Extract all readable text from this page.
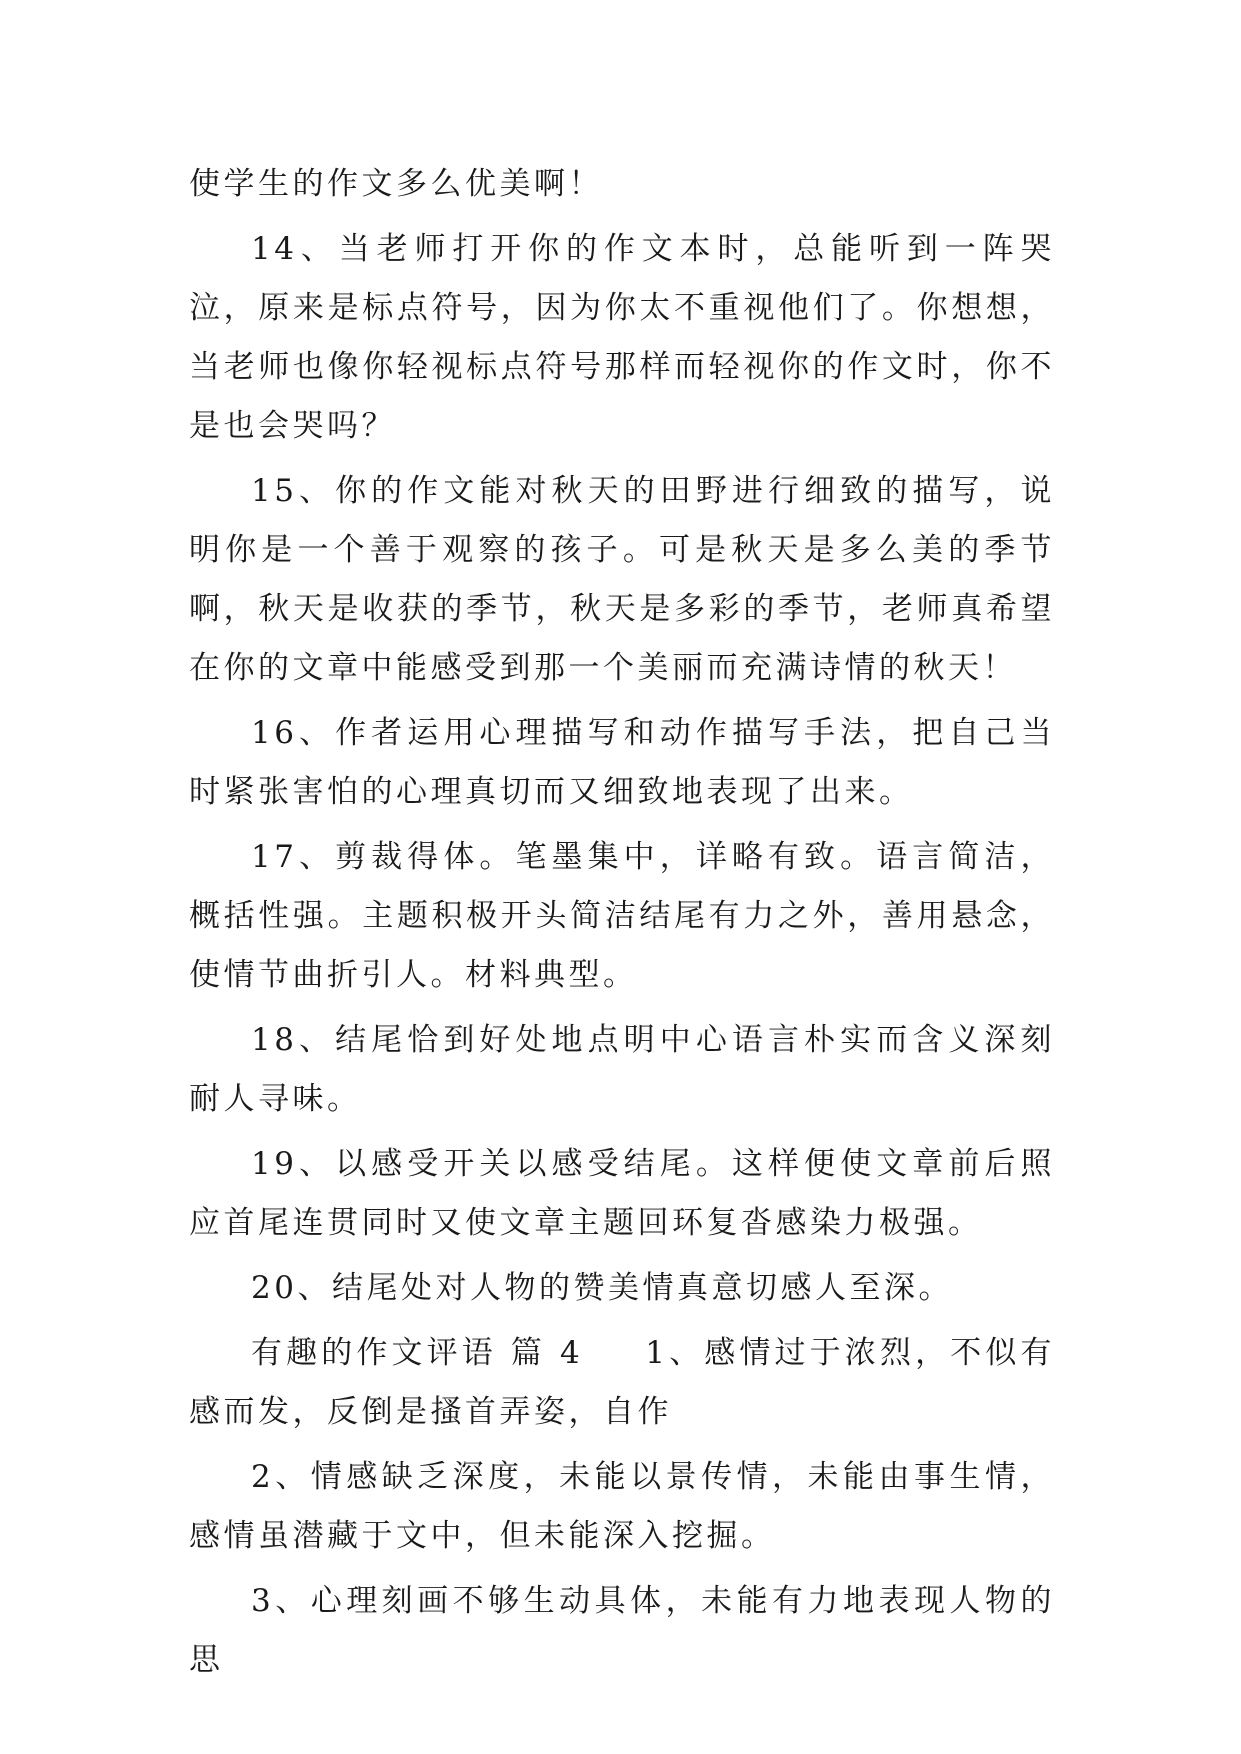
使学生的作文多么优美啊！

14、当老师打开你的作文本时，总能听到一阵哭泣，原来是标点符号，因为你太不重视他们了。你想想，当老师也像你轻视标点符号那样而轻视你的作文时，你不是也会哭吗？

15、你的作文能对秋天的田野进行细致的描写，说明你是一个善于观察的孩子。可是秋天是多么美的季节啊，秋天是收获的季节，秋天是多彩的季节，老师真希望在你的文章中能感受到那一个美丽而充满诗情的秋天！

16、作者运用心理描写和动作描写手法，把自己当时紧张害怕的心理真切而又细致地表现了出来。

17、剪裁得体。笔墨集中，详略有致。语言简洁，概括性强。主题积极开头简洁结尾有力之外，善用悬念，使情节曲折引人。材料典型。

18、结尾恰到好处地点明中心语言朴实而含义深刻耐人寻味。

19、以感受开关以感受结尾。这样便使文章前后照应首尾连贯同时又使文章主题回环复沓感染力极强。

20、结尾处对人物的赞美情真意切感人至深。

有趣的作文评语 篇 4 1、感情过于浓烈，不似有感而发，反倒是搔首弄姿，自作

2、情感缺乏深度，未能以景传情，未能由事生情，感情虽潜藏于文中，但未能深入挖掘。

3、心理刻画不够生动具体，未能有力地表现人物的思
